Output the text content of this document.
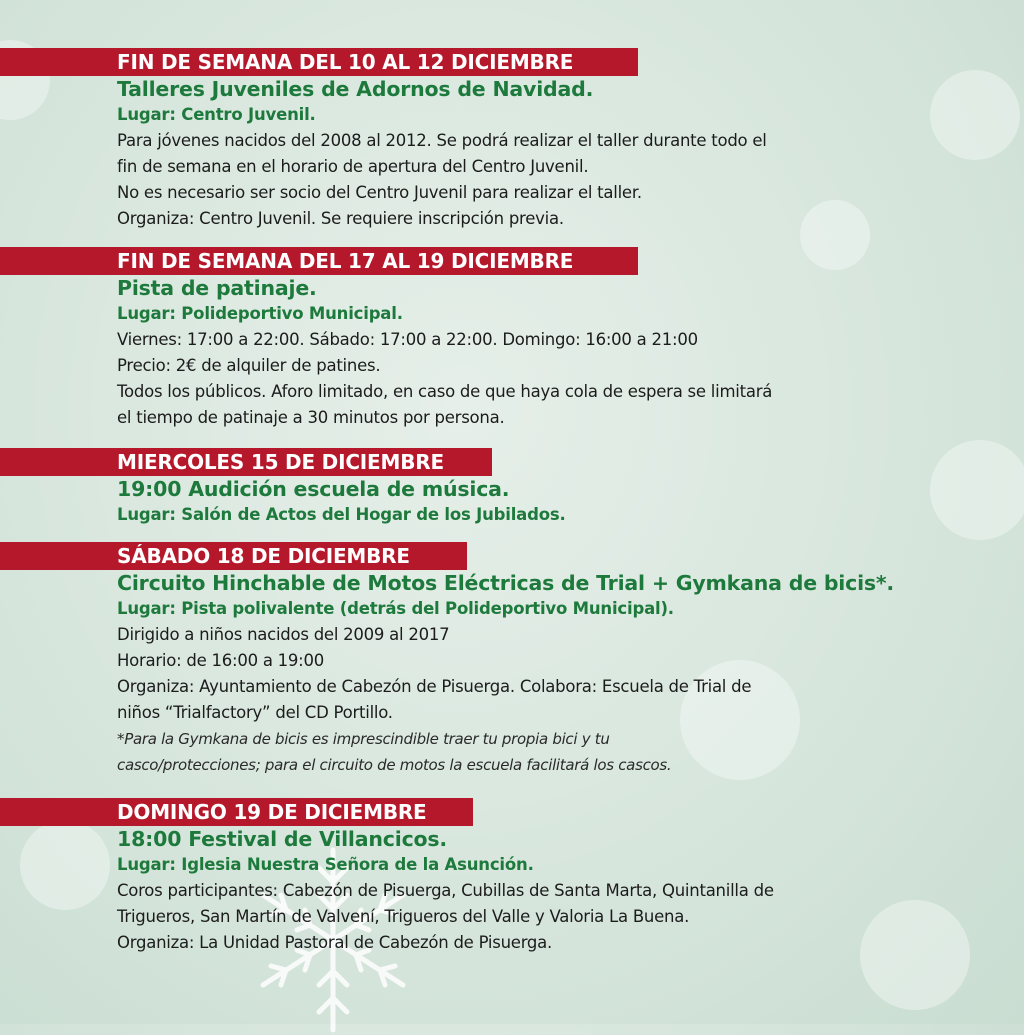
FIN DE SEMANA DEL 10 AL 12 DICIEMBRE
Talleres Juveniles de Adornos de Navidad.
Lugar: Centro Juvenil.
Para jóvenes nacidos del 2008 al 2012. Se podrá realizar el taller durante todo el
fin de semana en el horario de apertura del Centro Juvenil.
No es necesario ser socio del Centro Juvenil para realizar el taller.
Organiza: Centro Juvenil. Se requiere inscripción previa.
FIN DE SEMANA DEL 17 AL 19 DICIEMBRE
Pista de patinaje.
Lugar: Polideportivo Municipal.
Viernes: 17:00 a 22:00. Sábado: 17:00 a 22:00. Domingo: 16:00 a 21:00
Precio: 2€ de alquiler de patines.
Todos los públicos. Aforo limitado, en caso de que haya cola de espera se limitará
el tiempo de patinaje a 30 minutos por persona.
MIERCOLES 15 DE DICIEMBRE
19:00 Audición escuela de música.
Lugar: Salón de Actos del Hogar de los Jubilados.
SÁBADO 18 DE DICIEMBRE
Circuito Hinchable de Motos Eléctricas de Trial + Gymkana de bicis*.
Lugar: Pista polivalente (detrás del Polideportivo Municipal).
Dirigido a niños nacidos del 2009 al 2017
Horario: de 16:00 a 19:00
Organiza: Ayuntamiento de Cabezón de Pisuerga. Colabora: Escuela de Trial de
niños “Trialfactory” del CD Portillo.
*Para la Gymkana de bicis es imprescindible traer tu propia bici y tu
casco/protecciones; para el circuito de motos la escuela facilitará los cascos.
DOMINGO 19 DE DICIEMBRE
18:00 Festival de Villancicos.
Lugar: Iglesia Nuestra Señora de la Asunción.
Coros participantes: Cabezón de Pisuerga, Cubillas de Santa Marta, Quintanilla de
Trigueros, San Martín de Valvení, Trigueros del Valle y Valoria La Buena.
Organiza: La Unidad Pastoral de Cabezón de Pisuerga.
